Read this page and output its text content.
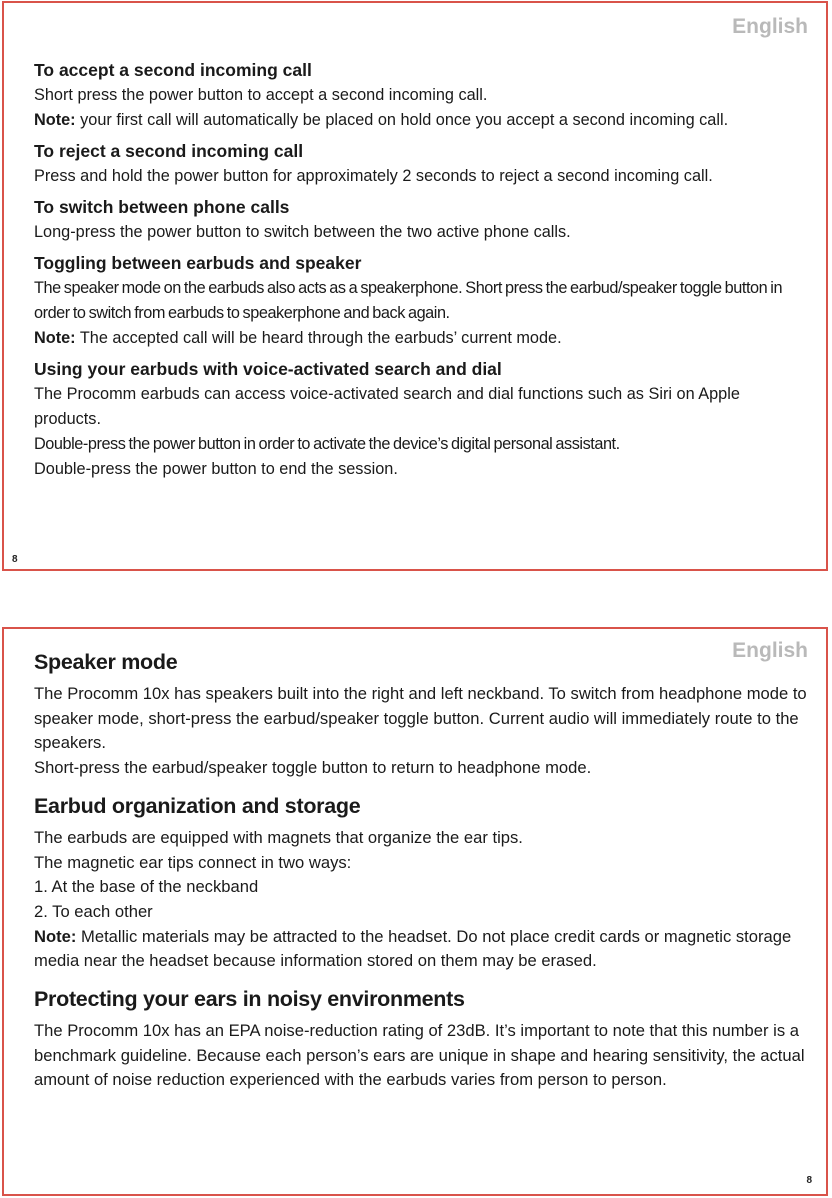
English
To accept a second incoming call

Short press the power button to accept a second incoming call.

Note: your first call will automatically be placed on hold once you accept a second incoming call.

To reject a second incoming call

Press and hold the power button for approximately 2 seconds to reject a second incoming call.

To switch between phone calls

Long-press the power button to switch between the two active phone calls.

Toggling between earbuds and speaker

The speaker mode on the earbuds also acts as a speakerphone. Short press the earbud/speaker toggle button in order to switch from earbuds to speakerphone and back again.

Note: The accepted call will be heard through the earbuds’ current mode.

Using your earbuds with voice-activated search and dial

The Procomm earbuds can access voice-activated search and dial functions such as Siri on Apple products.

Double-press the power button in order to activate the device’s digital personal assistant.

Double-press the power button to end the session.

8
English
Speaker mode

The Procomm 10x has speakers built into the right and left neckband. To switch from headphone mode to speaker mode, short-press the earbud/speaker toggle button. Current audio will immediately route to the speakers.

Short-press the earbud/speaker toggle button to return to headphone mode.

Earbud organization and storage

The earbuds are equipped with magnets that organize the ear tips.

The magnetic ear tips connect in two ways:

1. At the base of the neckband

2. To each other

Note: Metallic materials may be attracted to the headset. Do not place credit cards or magnetic storage media near the headset because information stored on them may be erased.

Protecting your ears in noisy environments

The Procomm 10x has an EPA noise-reduction rating of 23dB. It’s important to note that this number is a benchmark guideline. Because each person’s ears are unique in shape and hearing sensitivity, the actual amount of noise reduction experienced with the earbuds varies from person to person.

8
